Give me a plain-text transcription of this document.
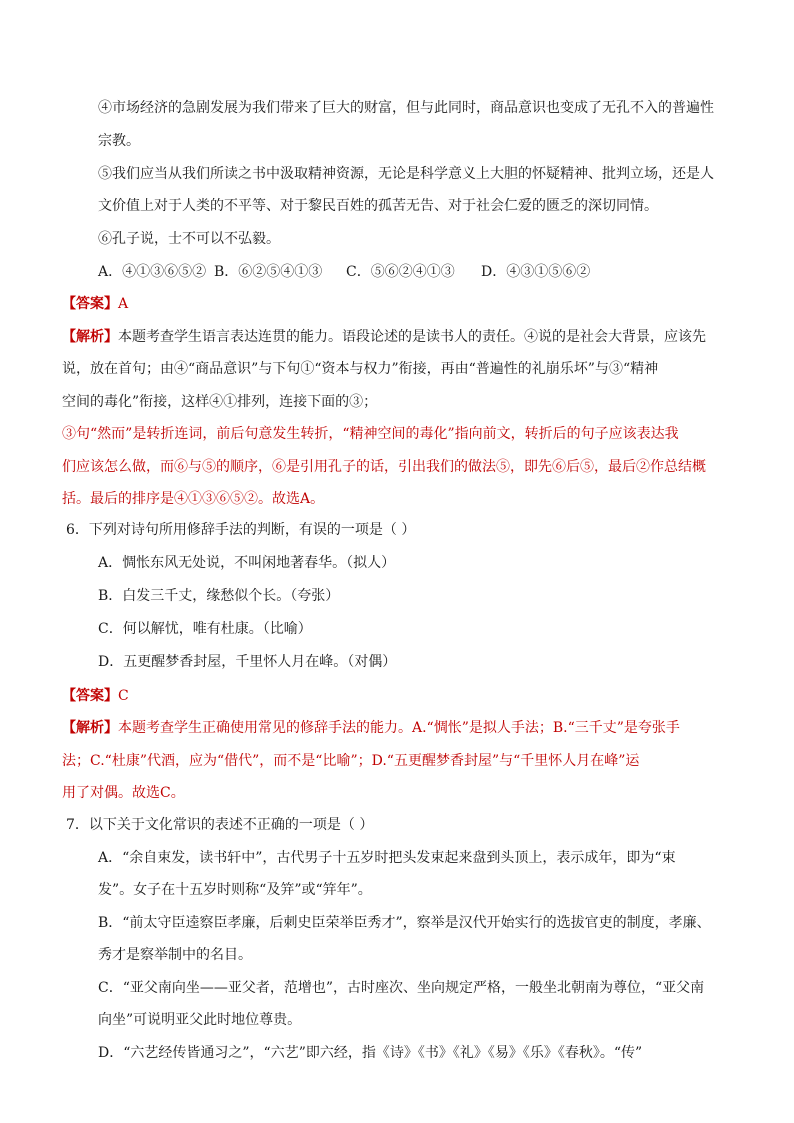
④市场经济的急剧发展为我们带来了巨大的财富，但与此同时，商品意识也变成了无孔不入的普遍性
宗教。
⑤我们应当从我们所读之书中汲取精神资源，无论是科学意义上大胆的怀疑精神、批判立场，还是人
文价值上对于人类的不平等、对于黎民百姓的孤苦无告、对于社会仁爱的匮乏的深切同情。
⑥孔子说，士不可以不弘毅。
A．④①③⑥⑤② B．⑥②⑤④①③ C．⑤⑥②④①③ D．④③①⑤⑥②
【答案】A
【解析】本题考查学生语言表达连贯的能力。语段论述的是读书人的责任。④说的是社会大背景，应该先
说，放在首句；由④“商品意识”与下句①“资本与权力”衔接，再由“普遍性的礼崩乐坏”与③“精神
空间的毒化”衔接，这样④①排列，连接下面的③；
③句“然而”是转折连词，前后句意发生转折，“精神空间的毒化”指向前文，转折后的句子应该表达我
们应该怎么做，而⑥与⑤的顺序，⑥是引用孔子的话，引出我们的做法⑤，即先⑥后⑤，最后②作总结概
括。最后的排序是④①③⑥⑤②。故选A。
6．下列对诗句所用修辞手法的判断，有误的一项是（ ）
A．惆怅东风无处说，不叫闲地著春华。（拟人）
B．白发三千丈，缘愁似个长。（夸张）
C．何以解忧，唯有杜康。（比喻）
D．五更醒梦香封屋，千里怀人月在峰。（对偶）
【答案】C
【解析】本题考查学生正确使用常见的修辞手法的能力。A.“惆怅”是拟人手法；B.“三千丈”是夸张手
法；C.“杜康”代酒，应为“借代”，而不是“比喻”；D.“五更醒梦香封屋”与“千里怀人月在峰”运
用了对偶。故选C。
7．以下关于文化常识的表述不正确的一项是（ ）
A．“余自束发，读书轩中”，古代男子十五岁时把头发束起来盘到头顶上，表示成年，即为“束
发”。女子在十五岁时则称“及笄”或“笄年”。
B．“前太守臣逵察臣孝廉，后刺史臣荣举臣秀才”，察举是汉代开始实行的选拔官吏的制度，孝廉、
秀才是察举制中的名目。
C．“亚父南向坐——亚父者，范增也”，古时座次、坐向规定严格，一般坐北朝南为尊位，“亚父南
向坐”可说明亚父此时地位尊贵。
D．“六艺经传皆通习之”，“六艺”即六经，指《诗》《书》《礼》《易》《乐》《春秋》。“传”
